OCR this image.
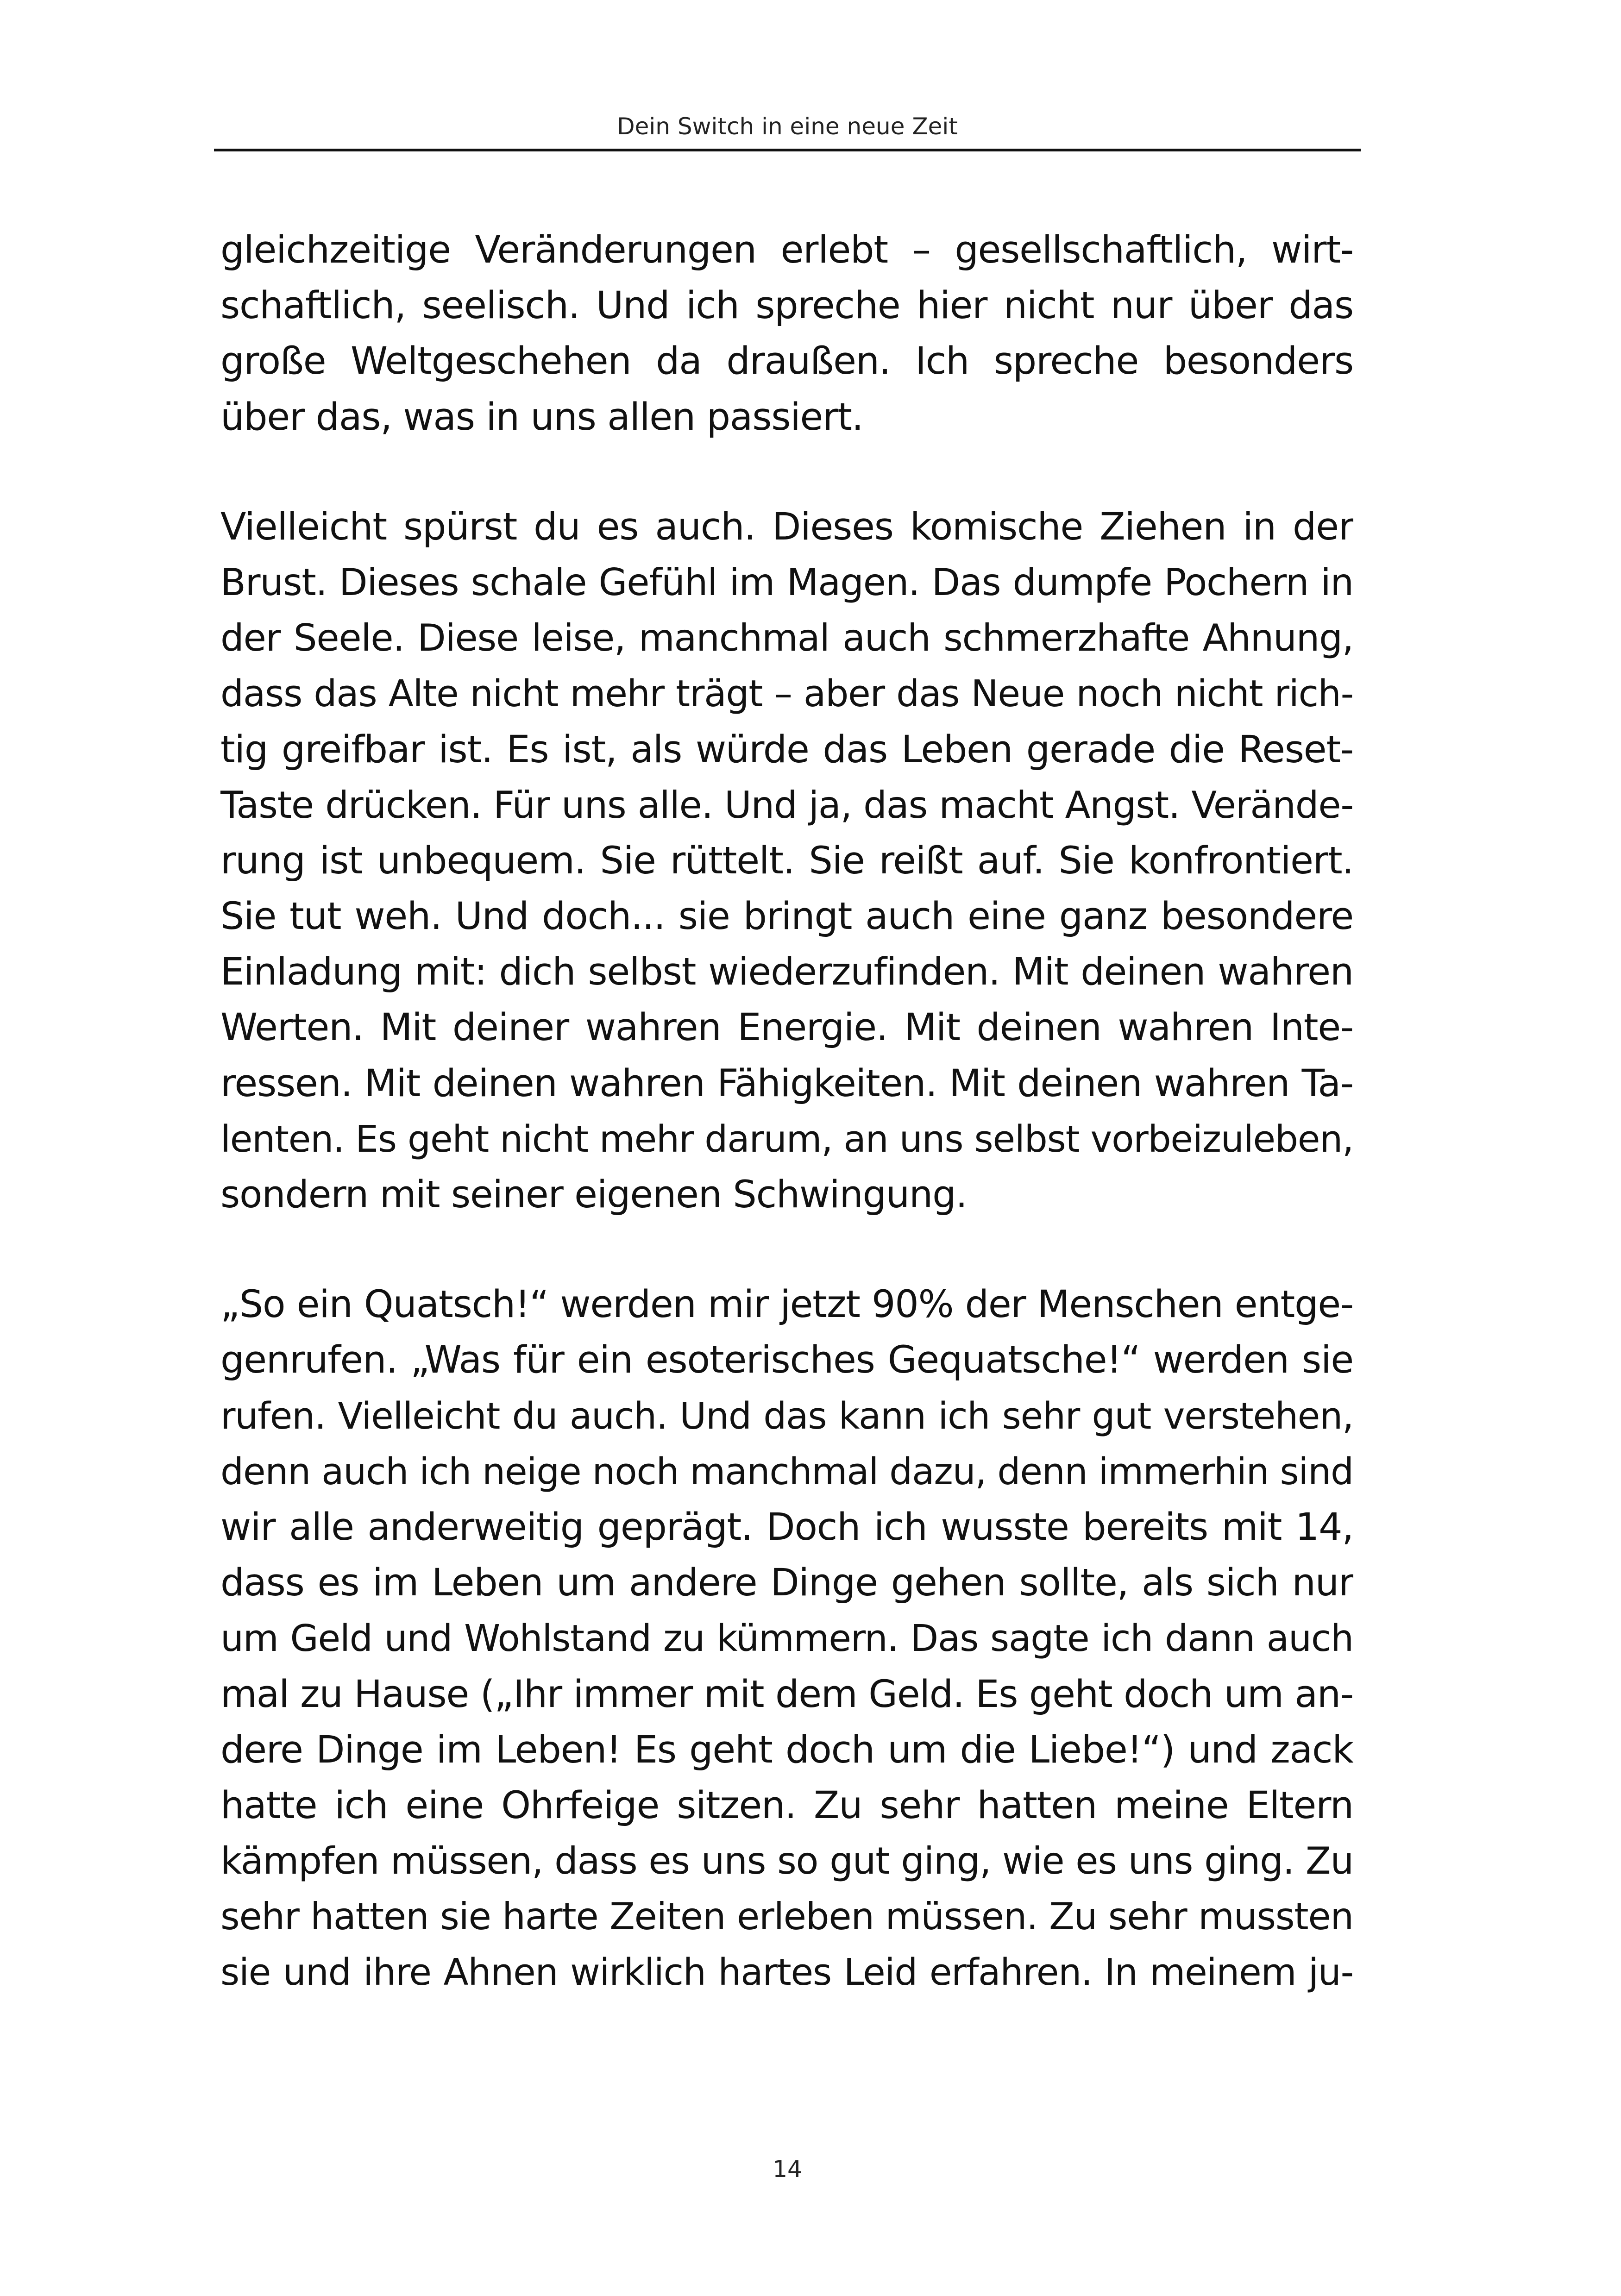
Dein Switch in eine neue Zeit
gleichzeitige Veränderungen erlebt – gesellschaftlich, wirt-
schaftlich, seelisch. Und ich spreche hier nicht nur über das
große Weltgeschehen da draußen. Ich spreche besonders
über das, was in uns allen passiert.
Vielleicht spürst du es auch. Dieses komische Ziehen in der
Brust. Dieses schale Gefühl im Magen. Das dumpfe Pochern in
der Seele. Diese leise, manchmal auch schmerzhafte Ahnung,
dass das Alte nicht mehr trägt – aber das Neue noch nicht rich-
tig greifbar ist. Es ist, als würde das Leben gerade die Reset-
Taste drücken. Für uns alle. Und ja, das macht Angst. Verände-
rung ist unbequem. Sie rüttelt. Sie reißt auf. Sie konfrontiert.
Sie tut weh. Und doch... sie bringt auch eine ganz besondere
Einladung mit: dich selbst wiederzufinden. Mit deinen wahren
Werten. Mit deiner wahren Energie. Mit deinen wahren Inte-
ressen. Mit deinen wahren Fähigkeiten. Mit deinen wahren Ta-
lenten. Es geht nicht mehr darum, an uns selbst vorbeizuleben,
sondern mit seiner eigenen Schwingung.
„So ein Quatsch!“ werden mir jetzt 90% der Menschen entge-
genrufen. „Was für ein esoterisches Gequatsche!“ werden sie
rufen. Vielleicht du auch. Und das kann ich sehr gut verstehen,
denn auch ich neige noch manchmal dazu, denn immerhin sind
wir alle anderweitig geprägt. Doch ich wusste bereits mit 14,
dass es im Leben um andere Dinge gehen sollte, als sich nur
um Geld und Wohlstand zu kümmern. Das sagte ich dann auch
mal zu Hause („Ihr immer mit dem Geld. Es geht doch um an-
dere Dinge im Leben! Es geht doch um die Liebe!“) und zack
hatte ich eine Ohrfeige sitzen. Zu sehr hatten meine Eltern
kämpfen müssen, dass es uns so gut ging, wie es uns ging. Zu
sehr hatten sie harte Zeiten erleben müssen. Zu sehr mussten
sie und ihre Ahnen wirklich hartes Leid erfahren. In meinem ju-
14
